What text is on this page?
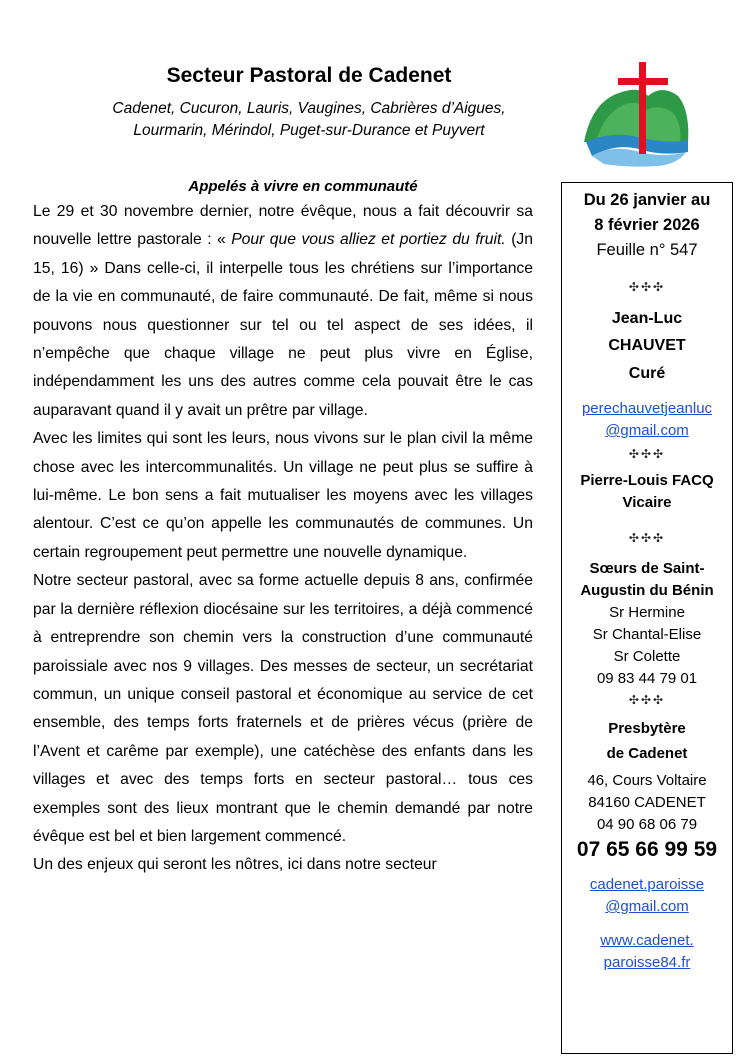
Secteur Pastoral de Cadenet
Cadenet, Cucuron, Lauris, Vaugines, Cabrières d’Aigues,
Lourmarin, Mérindol, Puget-sur-Durance et Puyvert
Appelés à vivre en communauté

Le 29 et 30 novembre dernier, notre évêque, nous a fait découvrir sa nouvelle lettre pastorale : « Pour que vous alliez et portiez du fruit. (Jn 15, 16) » Dans celle-ci, il interpelle tous les chrétiens sur l’importance de la vie en communauté, de faire communauté. De fait, même si nous pouvons nous questionner sur tel ou tel aspect de ses idées, il n’empêche que chaque village ne peut plus vivre en Église, indépendamment les uns des autres comme cela pouvait être le cas auparavant quand il y avait un prêtre par village.

Avec les limites qui sont les leurs, nous vivons sur le plan civil la même chose avec les intercommunalités. Un village ne peut plus se suffire à lui-même. Le bon sens a fait mutualiser les moyens avec les villages alentour. C’est ce qu’on appelle les communautés de communes. Un certain regroupement peut permettre une nouvelle dynamique.

Notre secteur pastoral, avec sa forme actuelle depuis 8 ans, confirmée par la dernière réflexion diocésaine sur les territoires, a déjà commencé à entreprendre son chemin vers la construction d’une communauté paroissiale avec nos 9 villages. Des messes de secteur, un secrétariat commun, un unique conseil pastoral et économique au service de cet ensemble, des temps forts fraternels et de prières vécus (prière de l’Avent et carême par exemple), une catéchèse des enfants dans les villages et avec des temps forts en secteur pastoral… tous ces exemples sont des lieux montrant que le chemin demandé par notre évêque est bel et bien largement commencé.

Un des enjeux qui seront les nôtres, ici dans notre secteur

Du 26 janvier au
8 février 2026
Feuille n° 547
✣✣✣
Jean-Luc
CHAUVET
Curé
perechauvetjeanluc
@gmail.com
✣✣✣
Pierre-Louis FACQ
Vicaire
✣✣✣
Sœurs de Saint-
Augustin du Bénin
Sr Hermine
Sr Chantal-Elise
Sr Colette
09 83 44 79 01
✣✣✣
Presbytère
de Cadenet
46, Cours Voltaire
84160 CADENET
04 90 68 06 79
07 65 66 99 59
cadenet.paroisse
@gmail.com
www.cadenet.
paroisse84.fr
